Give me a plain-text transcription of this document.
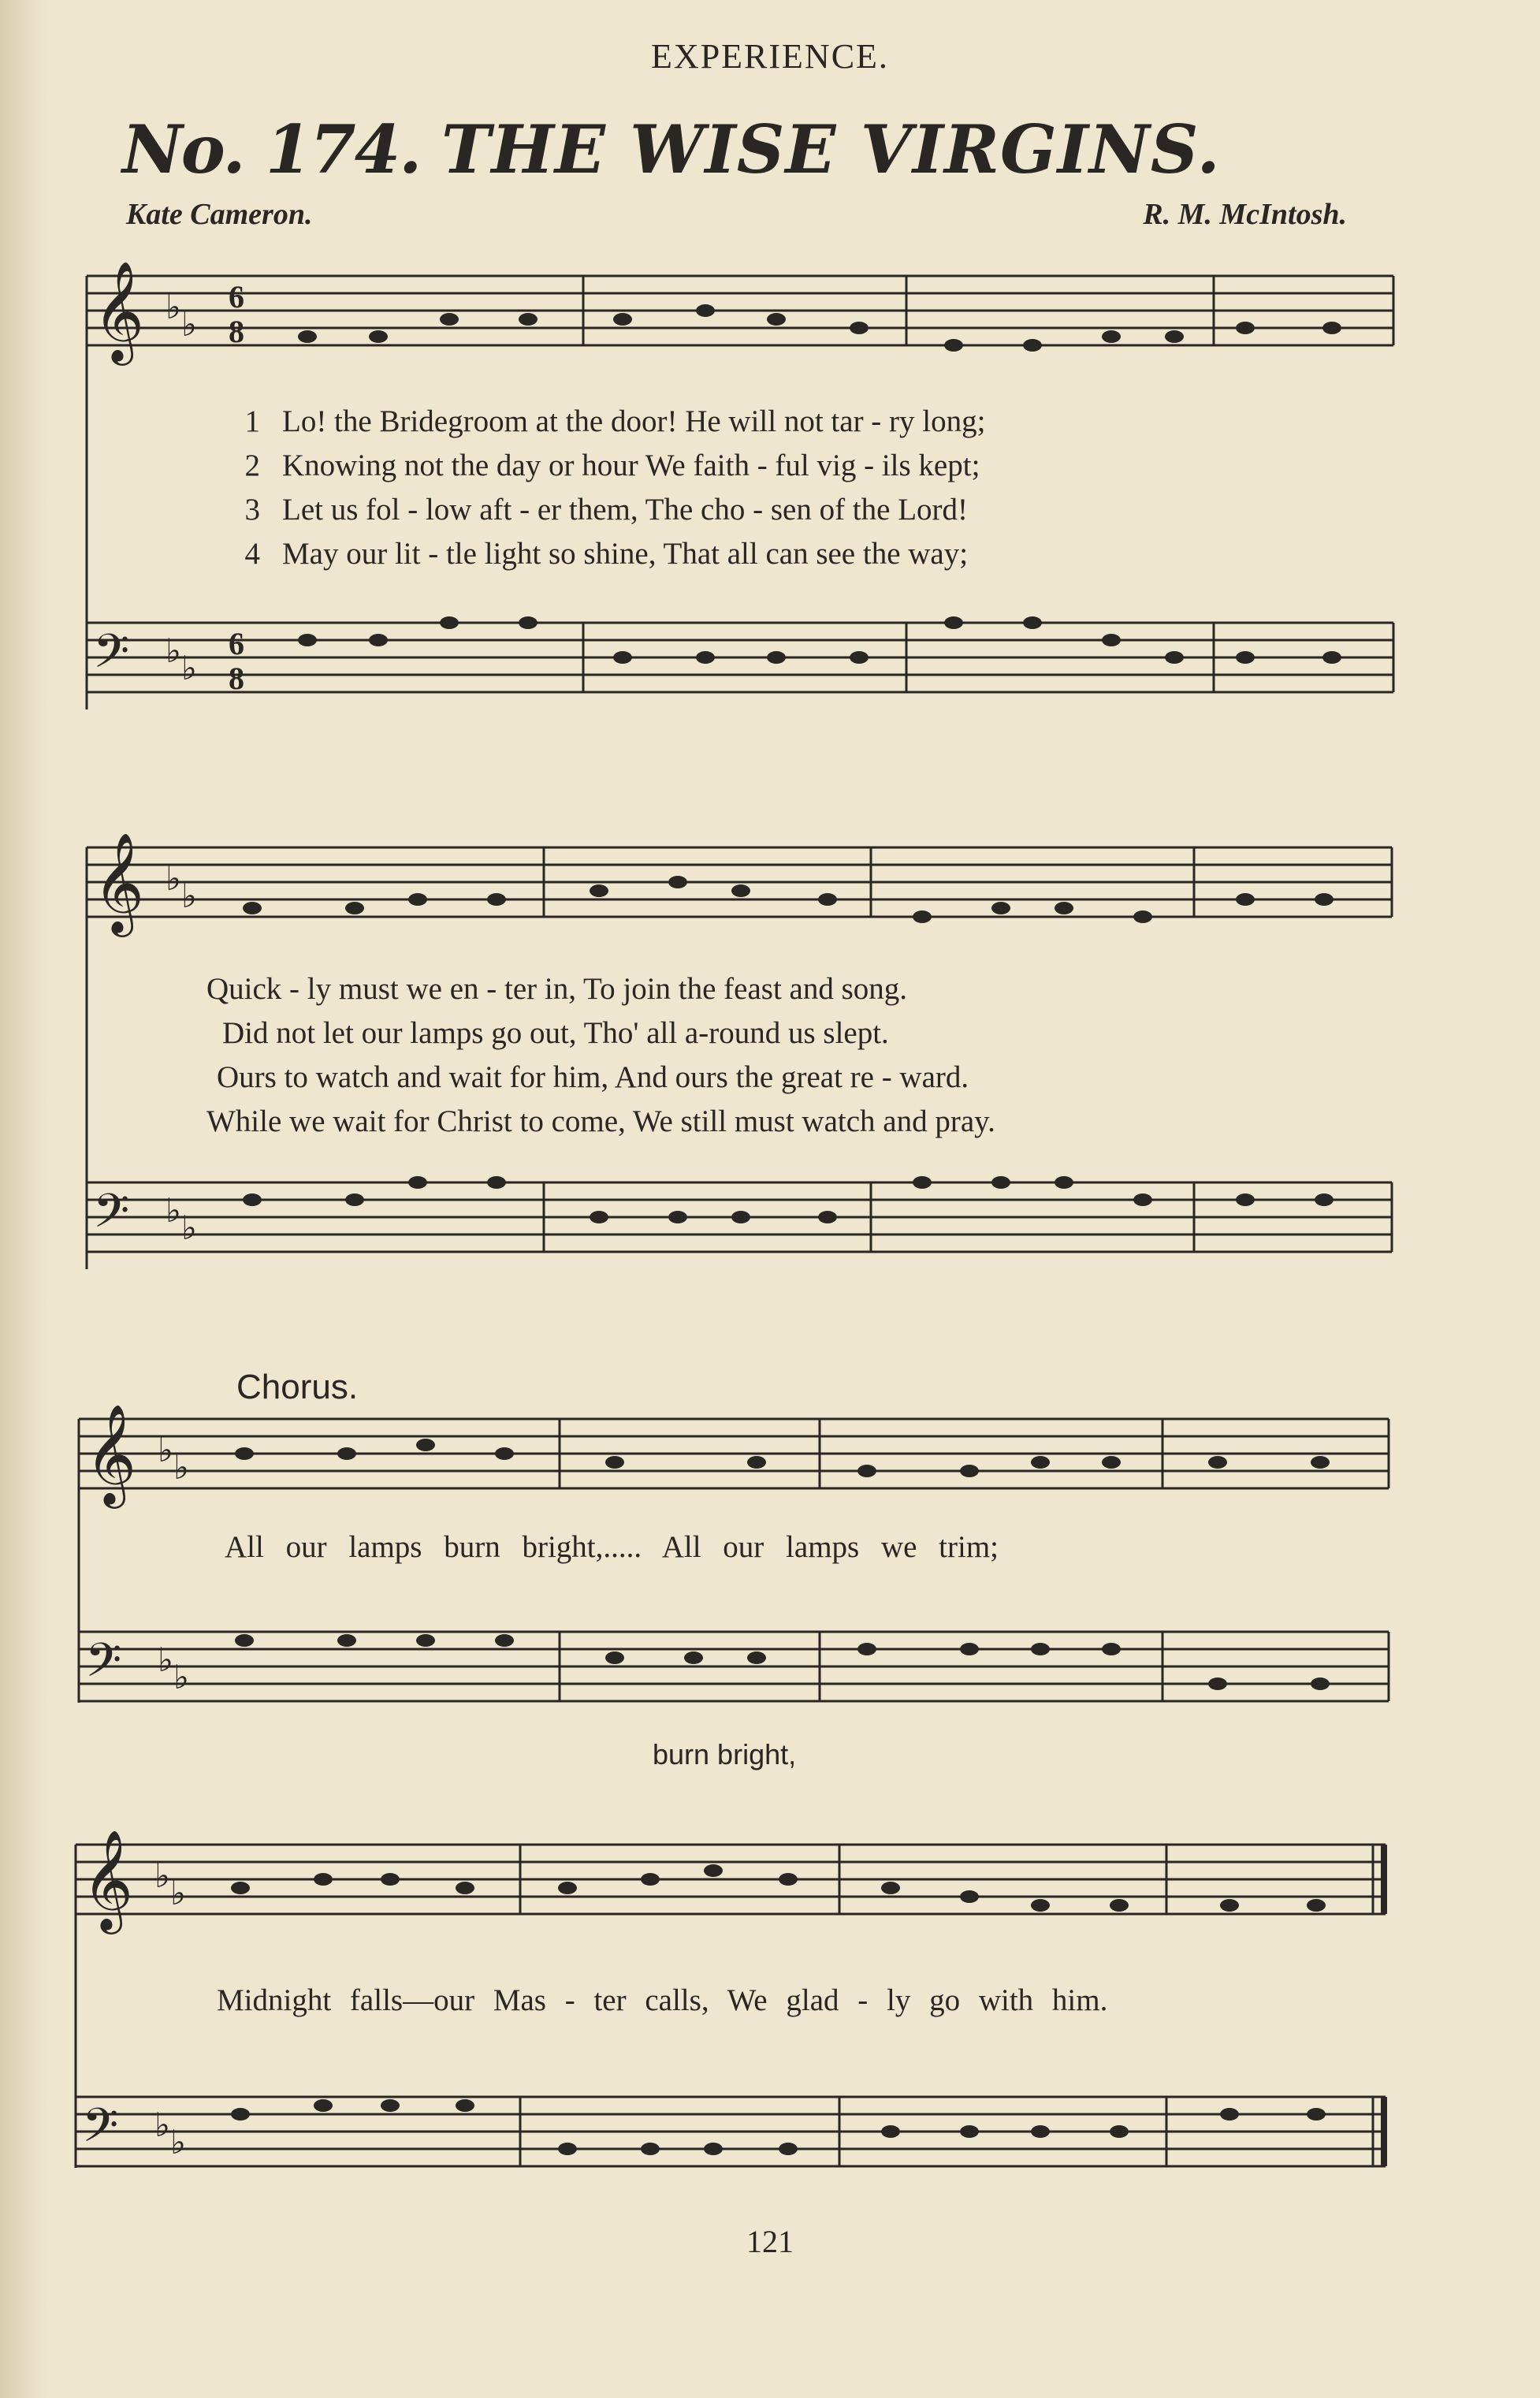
EXPERIENCE.
No. 174. THE WISE VIRGINS.
Kate Cameron.	R. M. McIntosh.
𝄞
𝄢
♭ ♭
♭ ♭
6
8
6
8
1 Lo! the Bridegroom at the door! He will not tar - ry long;
2 Knowing not the day or hour We faith - ful vig - ils kept;
3 Let us fol - low aft - er them, The cho - sen of the Lord!
4 May our lit - tle light so shine, That all can see the way;
𝄞
𝄢
♭ ♭
♭ ♭
Quick - ly must we en - ter in, To join the feast and song.
Did not let our lamps go out, Tho' all a-round us slept.
Ours to watch and wait for him, And ours the great re - ward.
While we wait for Christ to come, We still must watch and pray.
Chorus.
𝄞
𝄢
♭ ♭
♭ ♭
All our lamps burn bright,..... All our lamps we trim;
burn bright,
𝄞
𝄢
♭ ♭
♭ ♭
Midnight falls—our Mas - ter calls, We glad - ly go with him.
121
